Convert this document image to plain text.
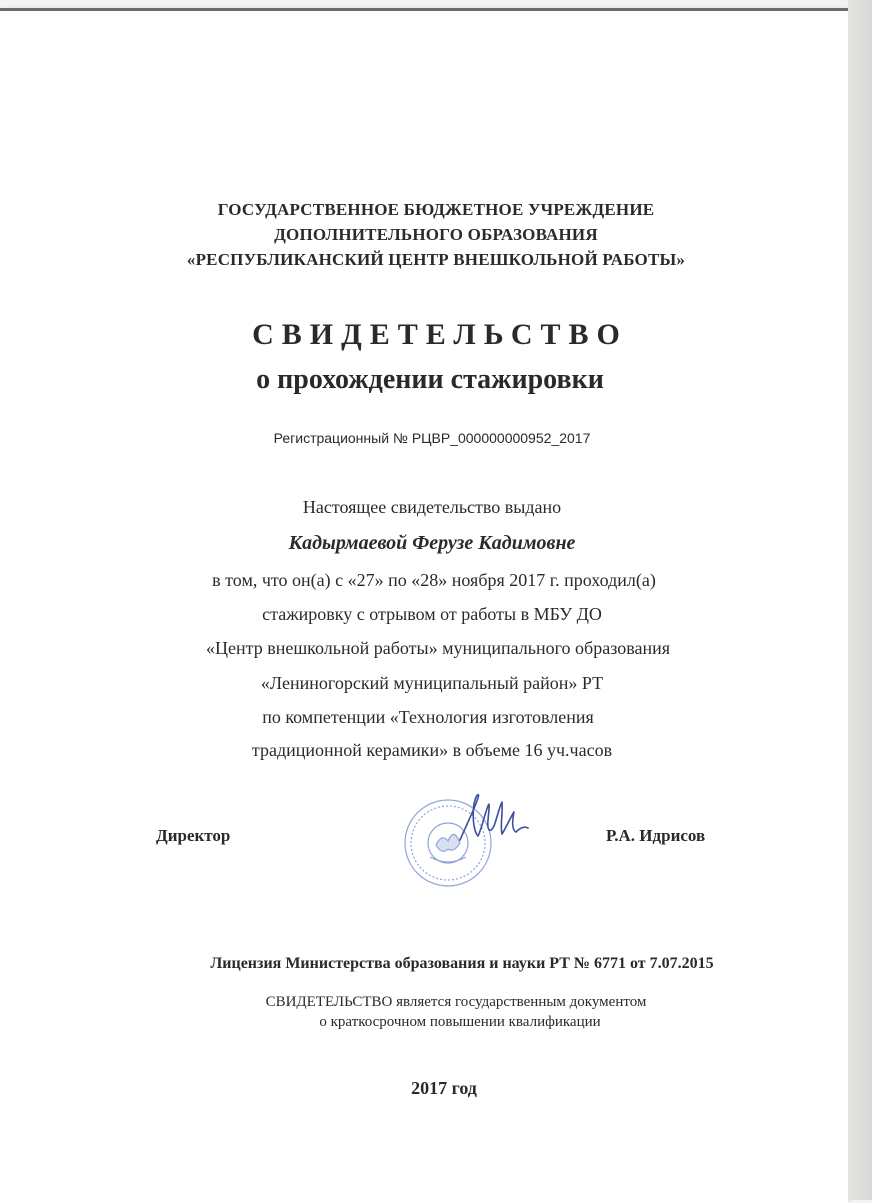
ГОСУДАРСТВЕННОЕ БЮДЖЕТНОЕ УЧРЕЖДЕНИЕ
ДОПОЛНИТЕЛЬНОГО ОБРАЗОВАНИЯ
«РЕСПУБЛИКАНСКИЙ ЦЕНТР ВНЕШКОЛЬНОЙ РАБОТЫ»
СВИДЕТЕЛЬСТВО
о прохождении стажировки
Регистрационный № РЦВР_000000000952_2017
Настоящее свидетельство выдано
Кадырмаевой Ферузе Кадимовне
в том, что он(а) с «27» по «28» ноября 2017 г. проходил(а)
стажировку с отрывом от работы в МБУ ДО
«Центр внешкольной работы» муниципального образования
«Лениногорский муниципальный район» РТ
по компетенции «Технология изготовления
традиционной керамики» в объеме 16 уч.часов
Директор	Р.А. Идрисов
Лицензия Министерства образования и науки РТ № 6771 от 7.07.2015
СВИДЕТЕЛЬСТВО является государственным документом
о краткосрочном повышении квалификации
2017 год
